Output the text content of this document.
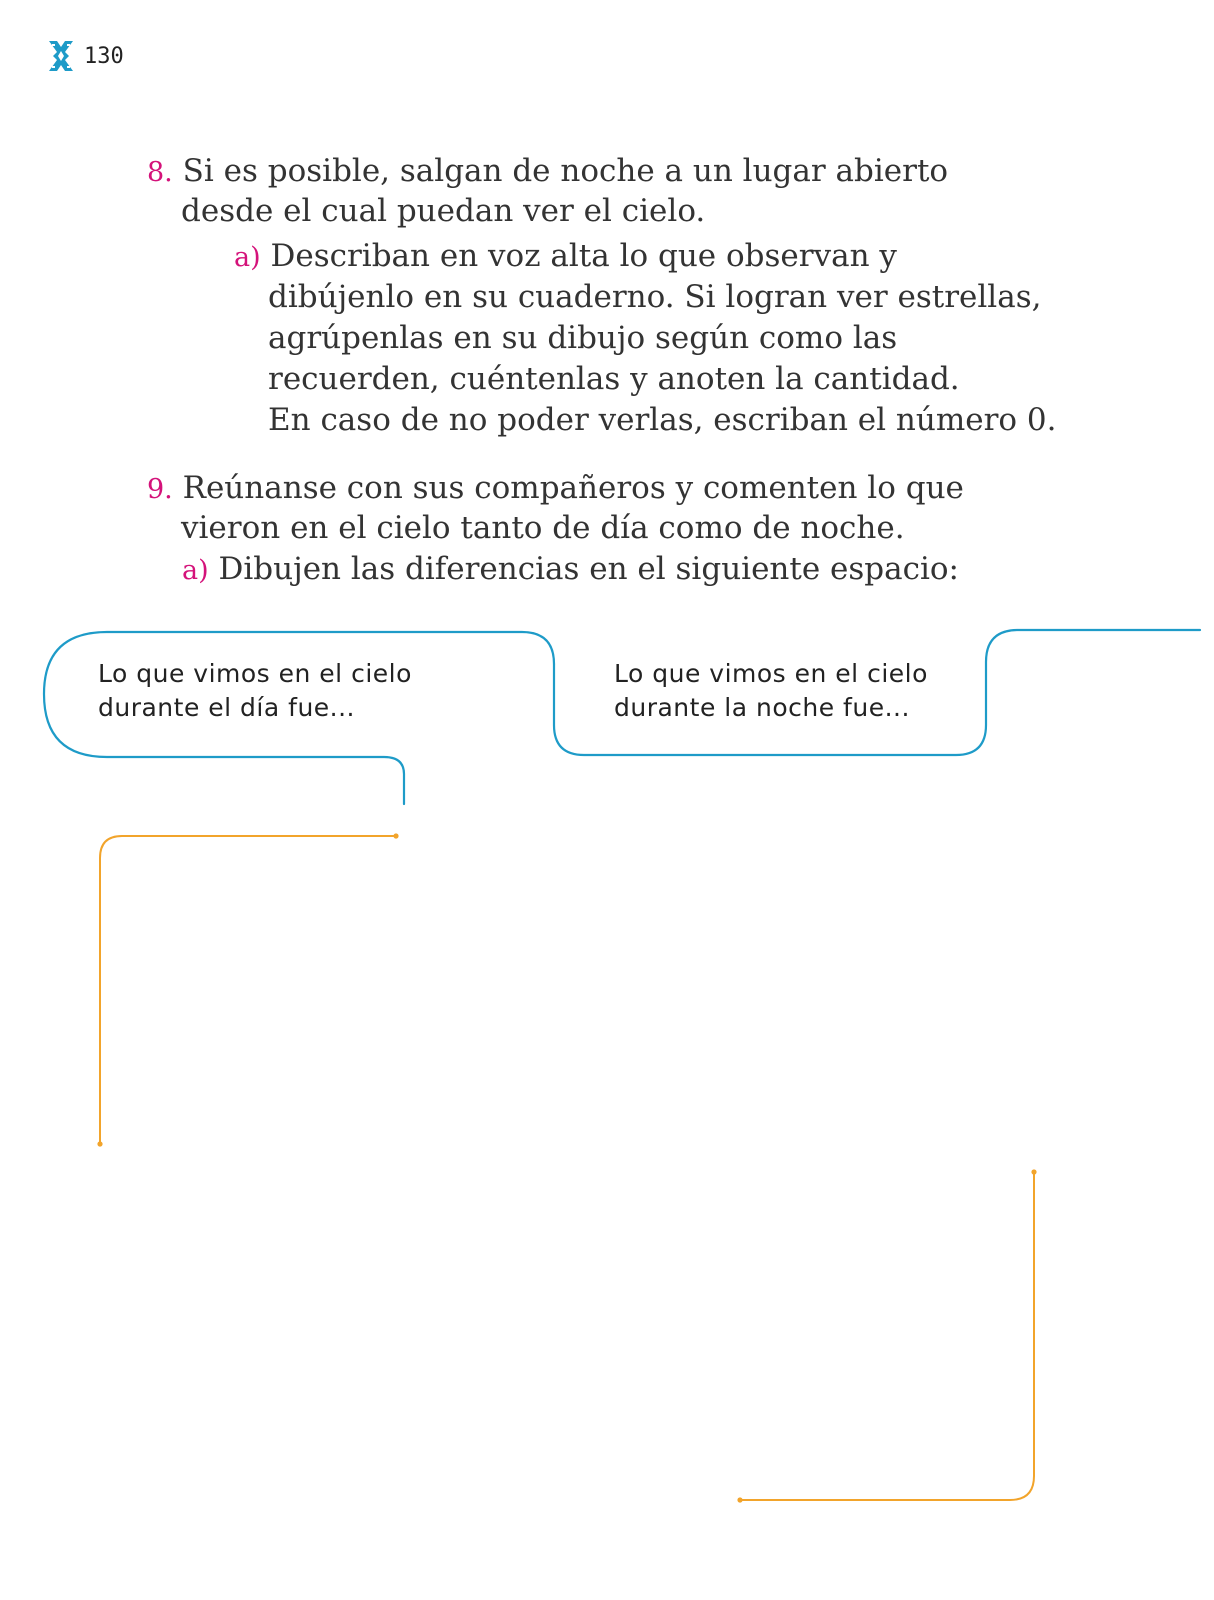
130
8. Si es posible, salgan de noche a un lugar abierto
desde el cual puedan ver el cielo.
a) Describan en voz alta lo que observan y
dibújenlo en su cuaderno. Si logran ver estrellas,
agrúpenlas en su dibujo según como las
recuerden, cuéntenlas y anoten la cantidad.
En caso de no poder verlas, escriban el número 0.
9. Reúnanse con sus compañeros y comenten lo que
vieron en el cielo tanto de día como de noche.
a) Dibujen las diferencias en el siguiente espacio:
Lo que vimos en el cielo
durante el día fue...
Lo que vimos en el cielo
durante la noche fue...
